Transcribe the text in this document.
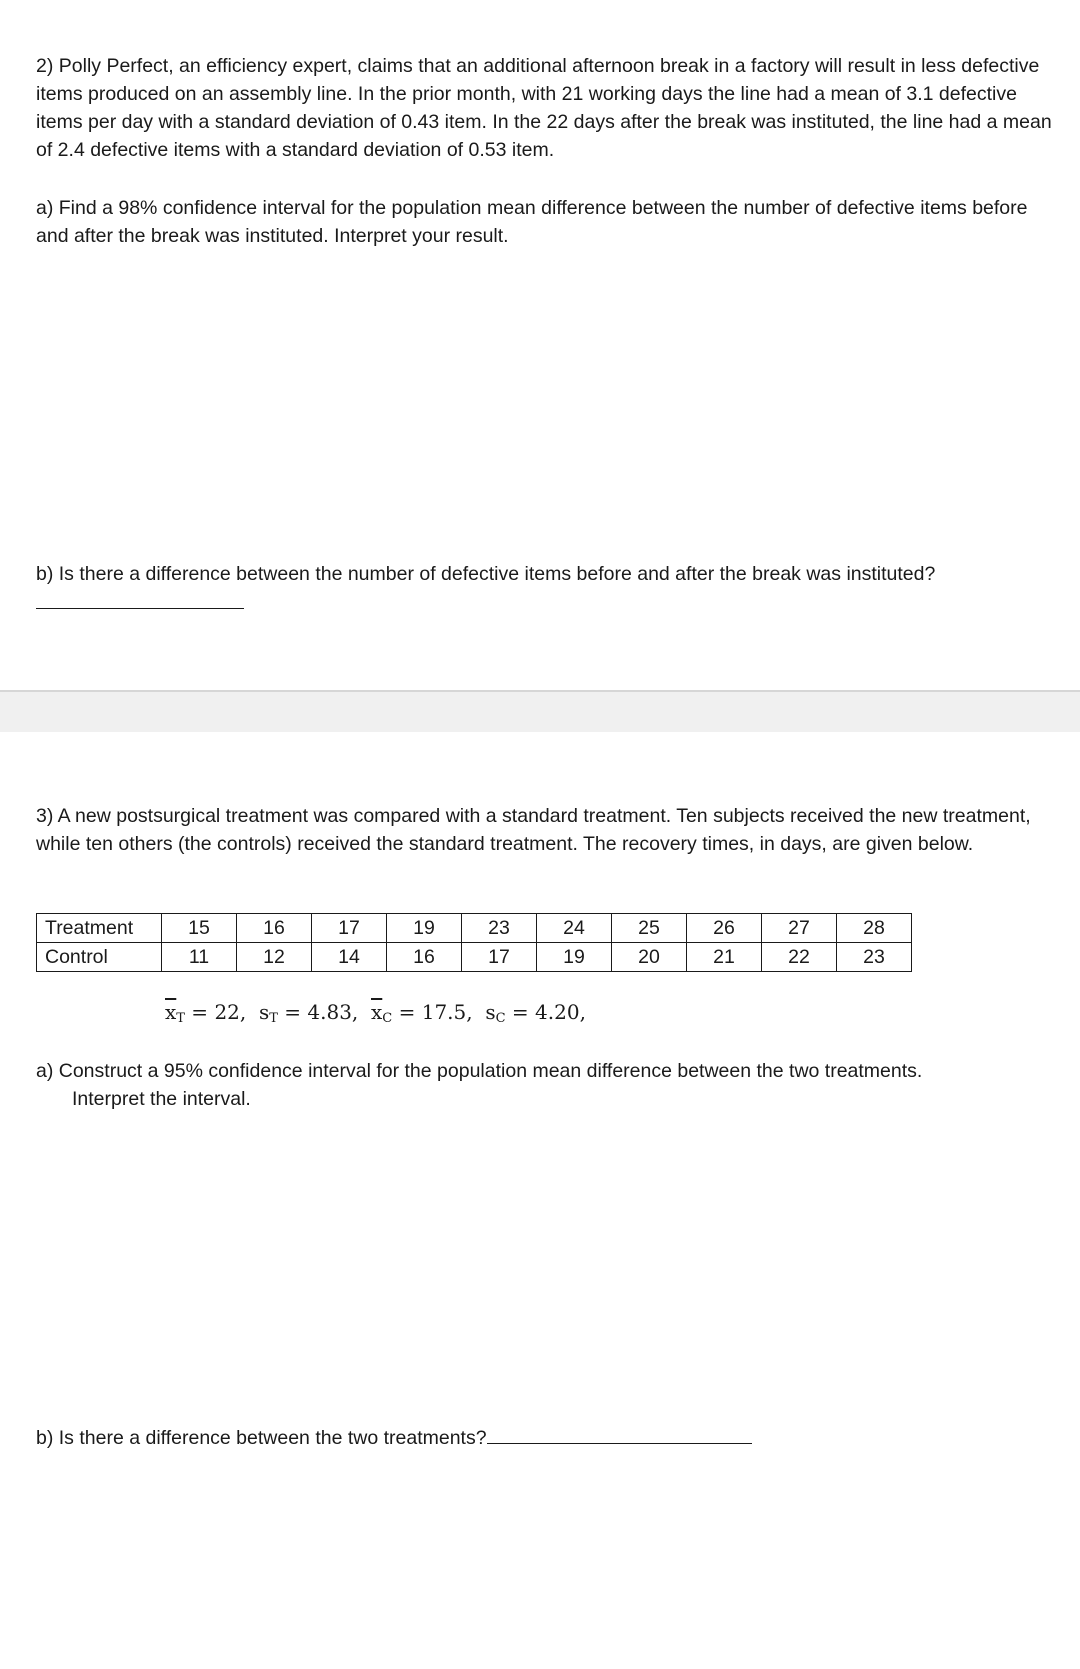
2) Polly Perfect, an efficiency expert, claims that an additional afternoon break in a factory will result in less defective items produced on an assembly line. In the prior month, with 21 working days the line had a mean of 3.1 defective items per day with a standard deviation of 0.43 item. In the 22 days after the break was instituted, the line had a mean of 2.4 defective items with a standard deviation of 0.53 item.

a) Find a 98% confidence interval for the population mean difference between the number of defective items before and after the break was instituted. Interpret your result.

b) Is there a difference between the number of defective items before and after the break was instituted?

3) A new postsurgical treatment was compared with a standard treatment. Ten subjects received the new treatment, while ten others (the controls) received the standard treatment. The recovery times, in days, are given below.

Treatment	15	16	17	19	23	24	25	26	27	28
Control	11	12	14	16	17	19	20	21	22	23

$\overline{x}_T = 22$,  $s_T = 4.83$,  $\overline{x}_C = 17.5$,  $s_C = 4.20$,

a) Construct a 95% confidence interval for the population mean difference between the two treatments.

Interpret the interval.

b) Is there a difference between the two treatments?
